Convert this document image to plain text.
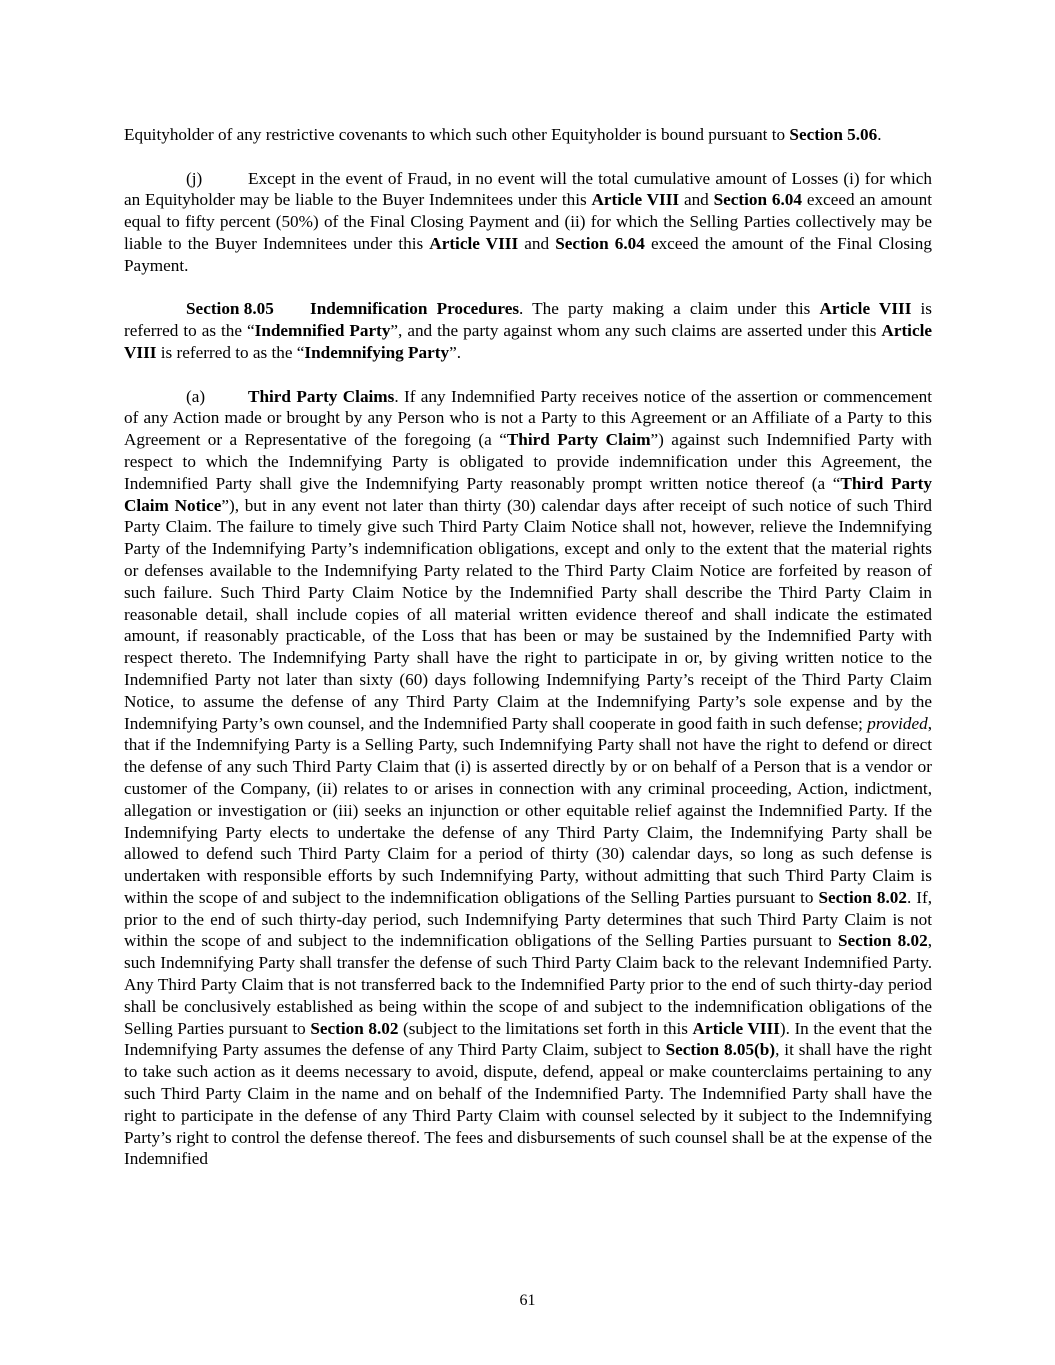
Equityholder of any restrictive covenants to which such other Equityholder is bound pursuant to Section 5.06.

(j)	Except in the event of Fraud, in no event will the total cumulative amount of Losses (i) for which an Equityholder may be liable to the Buyer Indemnitees under this Article VIII and Section 6.04 exceed an amount equal to fifty percent (50%) of the Final Closing Payment and (ii) for which the Selling Parties collectively may be liable to the Buyer Indemnitees under this Article VIII and Section 6.04 exceed the amount of the Final Closing Payment.

Section 8.05 Indemnification Procedures. The party making a claim under this Article VIII is referred to as the “Indemnified Party”, and the party against whom any such claims are asserted under this Article VIII is referred to as the “Indemnifying Party”.

(a) Third Party Claims. If any Indemnified Party receives notice of the assertion or commencement of any Action made or brought by any Person who is not a Party to this Agreement or an Affiliate of a Party to this Agreement or a Representative of the foregoing (a “Third Party Claim”) against such Indemnified Party with respect to which the Indemnifying Party is obligated to provide indemnification under this Agreement, the Indemnified Party shall give the Indemnifying Party reasonably prompt written notice thereof (a “Third Party Claim Notice”), but in any event not later than thirty (30) calendar days after receipt of such notice of such Third Party Claim. The failure to timely give such Third Party Claim Notice shall not, however, relieve the Indemnifying Party of the Indemnifying Party’s indemnification obligations, except and only to the extent that the material rights or defenses available to the Indemnifying Party related to the Third Party Claim Notice are forfeited by reason of such failure. Such Third Party Claim Notice by the Indemnified Party shall describe the Third Party Claim in reasonable detail, shall include copies of all material written evidence thereof and shall indicate the estimated amount, if reasonably practicable, of the Loss that has been or may be sustained by the Indemnified Party with respect thereto. The Indemnifying Party shall have the right to participate in or, by giving written notice to the Indemnified Party not later than sixty (60) days following Indemnifying Party’s receipt of the Third Party Claim Notice, to assume the defense of any Third Party Claim at the Indemnifying Party’s sole expense and by the Indemnifying Party’s own counsel, and the Indemnified Party shall cooperate in good faith in such defense; provided, that if the Indemnifying Party is a Selling Party, such Indemnifying Party shall not have the right to defend or direct the defense of any such Third Party Claim that (i) is asserted directly by or on behalf of a Person that is a vendor or customer of the Company, (ii) relates to or arises in connection with any criminal proceeding, Action, indictment, allegation or investigation or (iii) seeks an injunction or other equitable relief against the Indemnified Party. If the Indemnifying Party elects to undertake the defense of any Third Party Claim, the Indemnifying Party shall be allowed to defend such Third Party Claim for a period of thirty (30) calendar days, so long as such defense is undertaken with responsible efforts by such Indemnifying Party, without admitting that such Third Party Claim is within the scope of and subject to the indemnification obligations of the Selling Parties pursuant to Section 8.02. If, prior to the end of such thirty-day period, such Indemnifying Party determines that such Third Party Claim is not within the scope of and subject to the indemnification obligations of the Selling Parties pursuant to Section 8.02, such Indemnifying Party shall transfer the defense of such Third Party Claim back to the relevant Indemnified Party. Any Third Party Claim that is not transferred back to the Indemnified Party prior to the end of such thirty-day period shall be conclusively established as being within the scope of and subject to the indemnification obligations of the Selling Parties pursuant to Section 8.02 (subject to the limitations set forth in this Article VIII). In the event that the Indemnifying Party assumes the defense of any Third Party Claim, subject to Section 8.05(b), it shall have the right to take such action as it deems necessary to avoid, dispute, defend, appeal or make counterclaims pertaining to any such Third Party Claim in the name and on behalf of the Indemnified Party. The Indemnified Party shall have the right to participate in the defense of any Third Party Claim with counsel selected by it subject to the Indemnifying Party’s right to control the defense thereof. The fees and disbursements of such counsel shall be at the expense of the Indemnified

61
